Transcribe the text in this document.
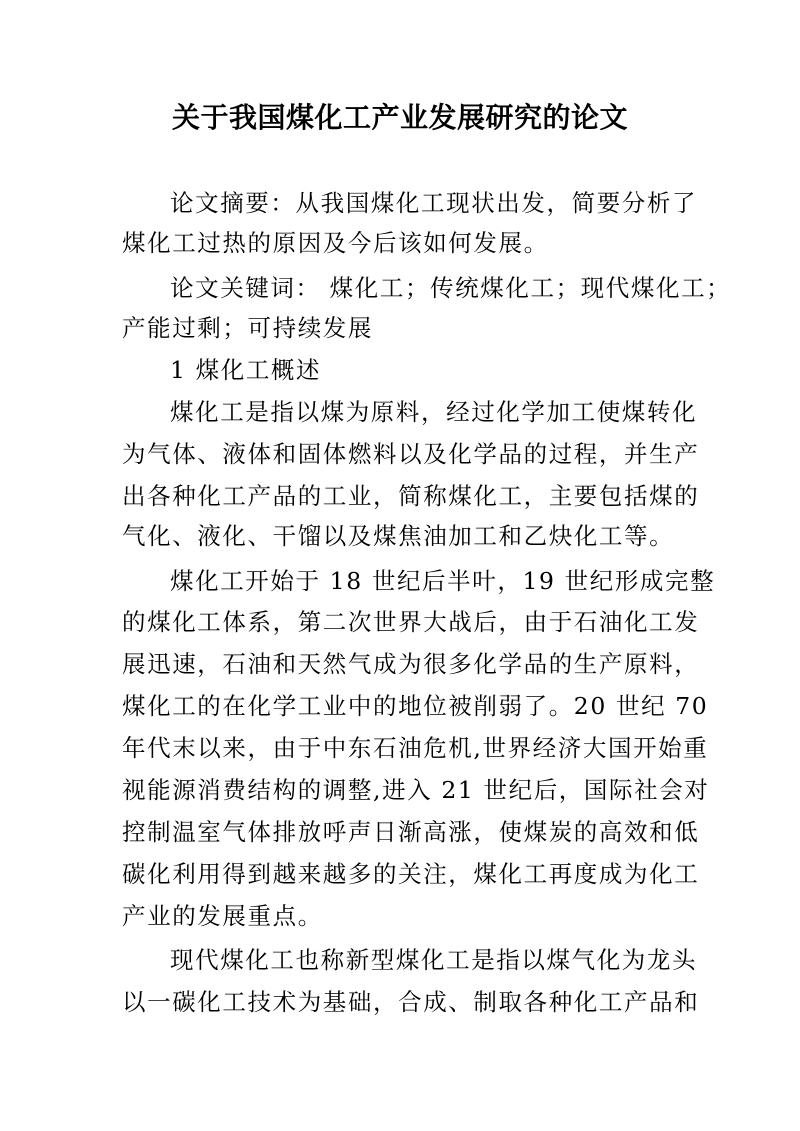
关于我国煤化工产业发展研究的论文
论文摘要：从我国煤化工现状出发，简要分析了
煤化工过热的原因及今后该如何发展。
论文关键词： 煤化工；传统煤化工；现代煤化工；
产能过剩；可持续发展
1 煤化工概述
煤化工是指以煤为原料，经过化学加工使煤转化
为气体、液体和固体燃料以及化学品的过程，并生产
出各种化工产品的工业，简称煤化工，主要包括煤的
气化、液化、干馏以及煤焦油加工和乙炔化工等。
煤化工开始于 18 世纪后半叶，19 世纪形成完整
的煤化工体系，第二次世界大战后，由于石油化工发
展迅速，石油和天然气成为很多化学品的生产原料，
煤化工的在化学工业中的地位被削弱了。20 世纪 70
年代末以来，由于中东石油危机,世界经济大国开始重
视能源消费结构的调整,进入 21 世纪后，国际社会对
控制温室气体排放呼声日渐高涨，使煤炭的高效和低
碳化利用得到越来越多的关注，煤化工再度成为化工
产业的发展重点。
现代煤化工也称新型煤化工是指以煤气化为龙头
以一碳化工技术为基础，合成、制取各种化工产品和
